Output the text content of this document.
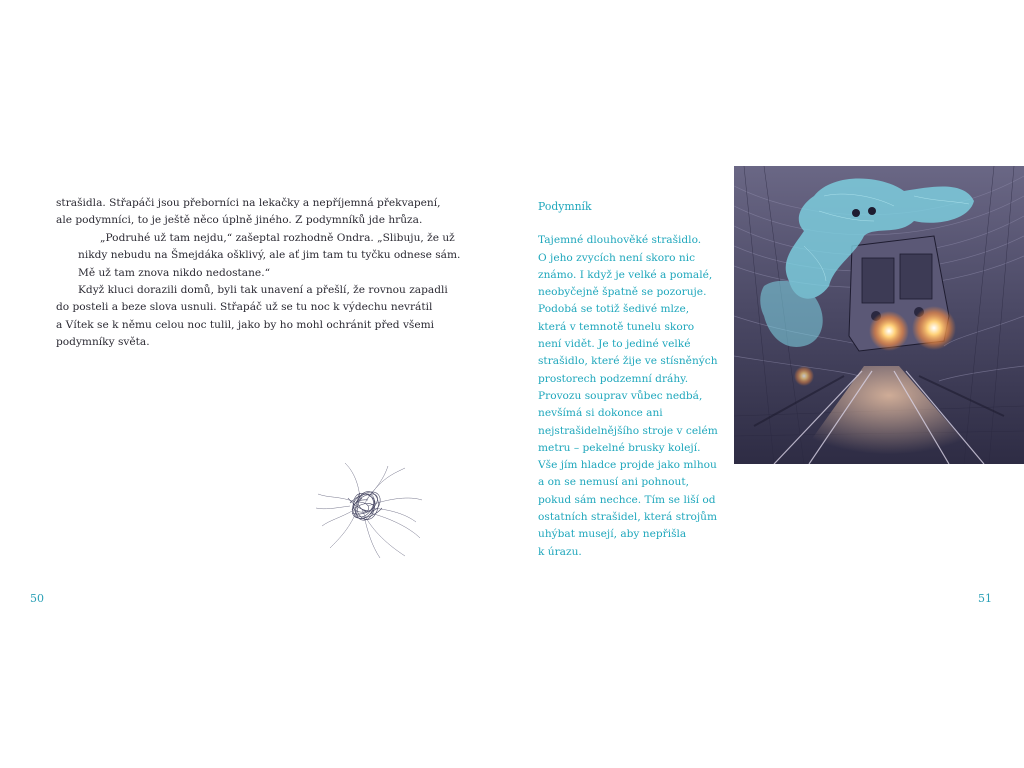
strašidla. Střapáči jsou přeborníci na lekačky a nepříjemná překvapení,
ale podymníci, to je ještě něco úplně jiného. Z podymníků jde hrůza.

„Podruhé už tam nejdu,“ zašeptal rozhodně Ondra. „Slibuju, že už
nikdy nebudu na Šmejdáka ošklivý, ale ať jim tam tu tyčku odnese sám.
Mě už tam znova nikdo nedostane.“

Když kluci dorazili domů, byli tak unavení a přešlí, že rovnou zapadli
do posteli a beze slova usnuli. Střapáč už se tu noc k výdechu nevrátil
a Vítek se k němu celou noc tulil, jako by ho mohl ochránit před všemi
podymníky světa.

50
Podymník
Tajemné dlouhověké strašidlo.
O jeho zvycích není skoro nic
známo. I když je velké a pomalé,
neobyčejně špatně se pozoruje.
Podobá se totiž šedivé mlze,
která v temnotě tunelu skoro
není vidět. Je to jediné velké
strašidlo, které žije ve stísněných
prostorech podzemní dráhy.
Provozu souprav vůbec nedbá,
nevšímá si dokonce ani
nejstrašidelnějšího stroje v celém
metru – pekelné brusky kolejí.
Vše jím hladce projde jako mlhou
a on se nemusí ani pohnout,
pokud sám nechce. Tím se liší od
ostatních strašidel, která strojům
uhýbat musejí, aby nepřišla
k úrazu.
51
